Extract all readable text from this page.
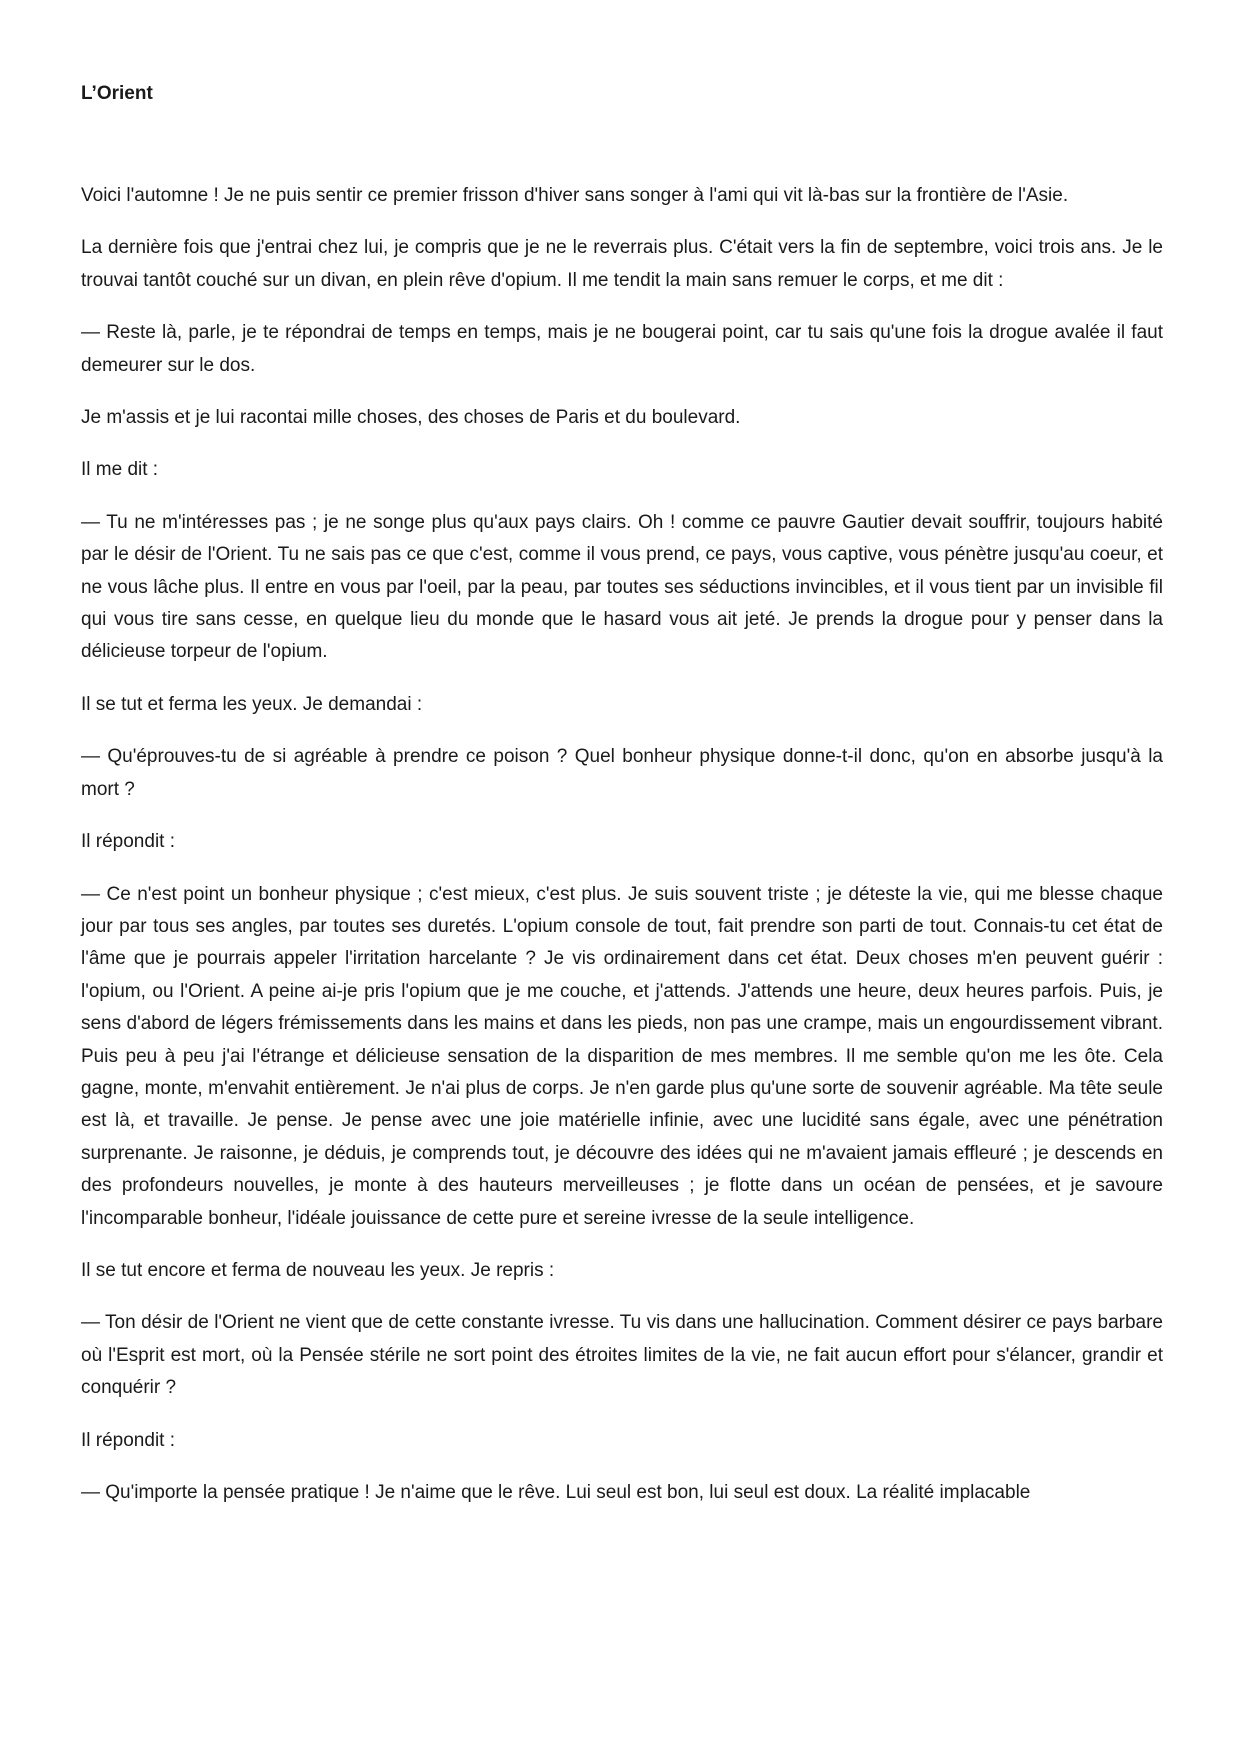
L’Orient

Voici l'automne ! Je ne puis sentir ce premier frisson d'hiver sans songer à l'ami qui vit là-bas sur la frontière de l'Asie.

La dernière fois que j'entrai chez lui, je compris que je ne le reverrais plus. C'était vers la fin de septembre, voici trois ans. Je le trouvai tantôt couché sur un divan, en plein rêve d'opium. Il me tendit la main sans remuer le corps, et me dit :

— Reste là, parle, je te répondrai de temps en temps, mais je ne bougerai point, car tu sais qu'une fois la drogue avalée il faut demeurer sur le dos.

Je m'assis et je lui racontai mille choses, des choses de Paris et du boulevard.

Il me dit :

— Tu ne m'intéresses pas ; je ne songe plus qu'aux pays clairs. Oh ! comme ce pauvre Gautier devait souffrir, toujours habité par le désir de l'Orient. Tu ne sais pas ce que c'est, comme il vous prend, ce pays, vous captive, vous pénètre jusqu'au coeur, et ne vous lâche plus. Il entre en vous par l'oeil, par la peau, par toutes ses séductions invincibles, et il vous tient par un invisible fil qui vous tire sans cesse, en quelque lieu du monde que le hasard vous ait jeté. Je prends la drogue pour y penser dans la délicieuse torpeur de l'opium.

Il se tut et ferma les yeux. Je demandai :

— Qu'éprouves-tu de si agréable à prendre ce poison ? Quel bonheur physique donne-t-il donc, qu'on en absorbe jusqu'à la mort ?

Il répondit :

— Ce n'est point un bonheur physique ; c'est mieux, c'est plus. Je suis souvent triste ; je déteste la vie, qui me blesse chaque jour par tous ses angles, par toutes ses duretés. L'opium console de tout, fait prendre son parti de tout. Connais-tu cet état de l'âme que je pourrais appeler l'irritation harcelante ? Je vis ordinairement dans cet état. Deux choses m'en peuvent guérir : l'opium, ou l'Orient. A peine ai-je pris l'opium que je me couche, et j'attends. J'attends une heure, deux heures parfois. Puis, je sens d'abord de légers frémissements dans les mains et dans les pieds, non pas une crampe, mais un engourdissement vibrant. Puis peu à peu j'ai l'étrange et délicieuse sensation de la disparition de mes membres. Il me semble qu'on me les ôte. Cela gagne, monte, m'envahit entièrement. Je n'ai plus de corps. Je n'en garde plus qu'une sorte de souvenir agréable. Ma tête seule est là, et travaille. Je pense. Je pense avec une joie matérielle infinie, avec une lucidité sans égale, avec une pénétration surprenante. Je raisonne, je déduis, je comprends tout, je découvre des idées qui ne m'avaient jamais effleuré ; je descends en des profondeurs nouvelles, je monte à des hauteurs merveilleuses ; je flotte dans un océan de pensées, et je savoure l'incomparable bonheur, l'idéale jouissance de cette pure et sereine ivresse de la seule intelligence.

Il se tut encore et ferma de nouveau les yeux. Je repris :

— Ton désir de l'Orient ne vient que de cette constante ivresse. Tu vis dans une hallucination. Comment désirer ce pays barbare où l'Esprit est mort, où la Pensée stérile ne sort point des étroites limites de la vie, ne fait aucun effort pour s'élancer, grandir et conquérir ?

Il répondit :

— Qu'importe la pensée pratique ! Je n'aime que le rêve. Lui seul est bon, lui seul est doux. La réalité implacable
